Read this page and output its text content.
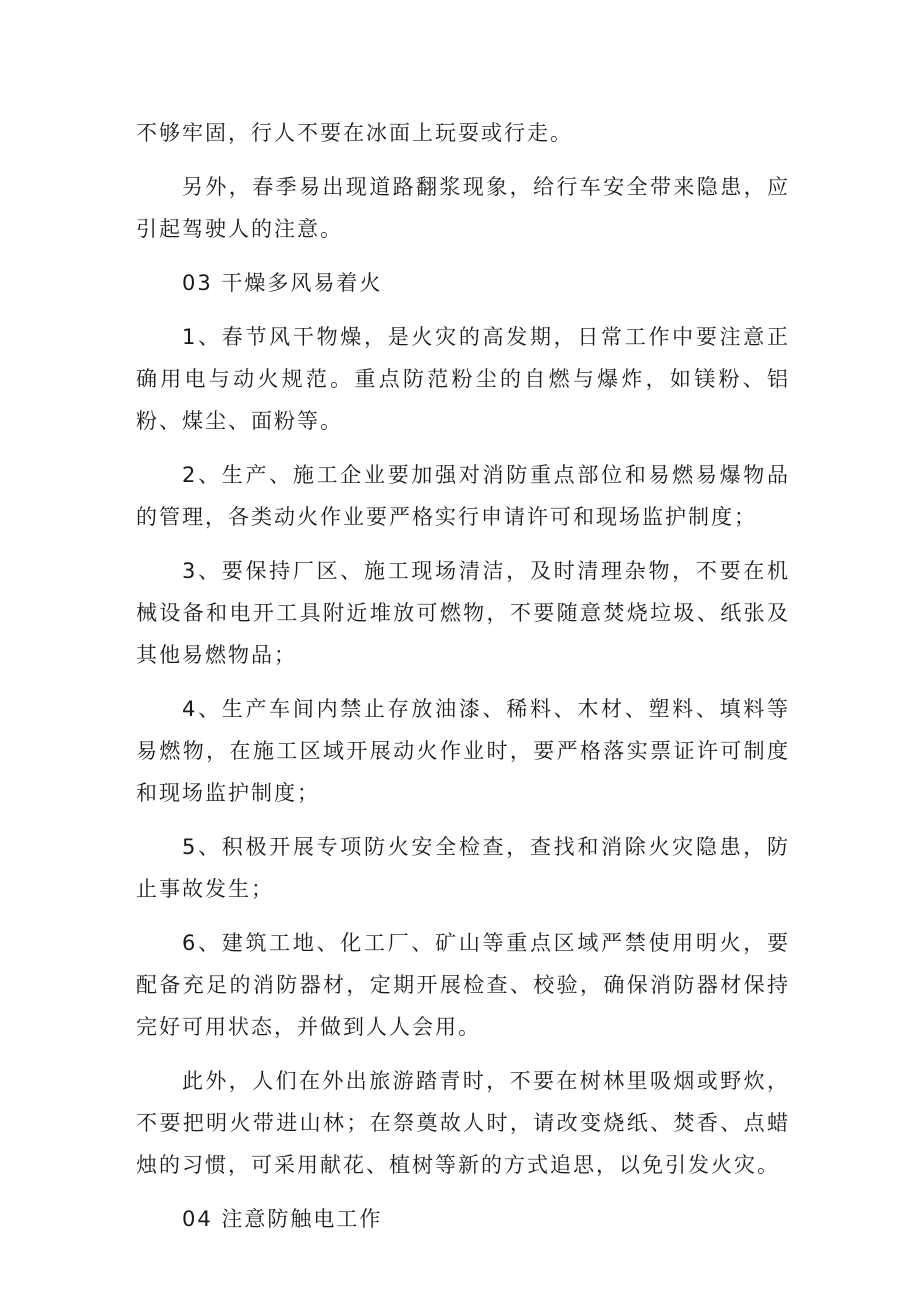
不够牢固，行人不要在冰面上玩耍或行走。

另外，春季易出现道路翻浆现象，给行车安全带来隐患，应引起驾驶人的注意。

03 干燥多风易着火

1、春节风干物燥，是火灾的高发期，日常工作中要注意正确用电与动火规范。重点防范粉尘的自燃与爆炸，如镁粉、铝粉、煤尘、面粉等。

2、生产、施工企业要加强对消防重点部位和易燃易爆物品的管理，各类动火作业要严格实行申请许可和现场监护制度；

3、要保持厂区、施工现场清洁，及时清理杂物，不要在机械设备和电开工具附近堆放可燃物，不要随意焚烧垃圾、纸张及其他易燃物品；

4、生产车间内禁止存放油漆、稀料、木材、塑料、填料等易燃物，在施工区域开展动火作业时，要严格落实票证许可制度和现场监护制度；

5、积极开展专项防火安全检查，查找和消除火灾隐患，防止事故发生；

6、建筑工地、化工厂、矿山等重点区域严禁使用明火，要配备充足的消防器材，定期开展检查、校验，确保消防器材保持完好可用状态，并做到人人会用。

此外，人们在外出旅游踏青时，不要在树林里吸烟或野炊，不要把明火带进山林；在祭奠故人时，请改变烧纸、焚香、点蜡烛的习惯，可采用献花、植树等新的方式追思，以免引发火灾。

04 注意防触电工作
